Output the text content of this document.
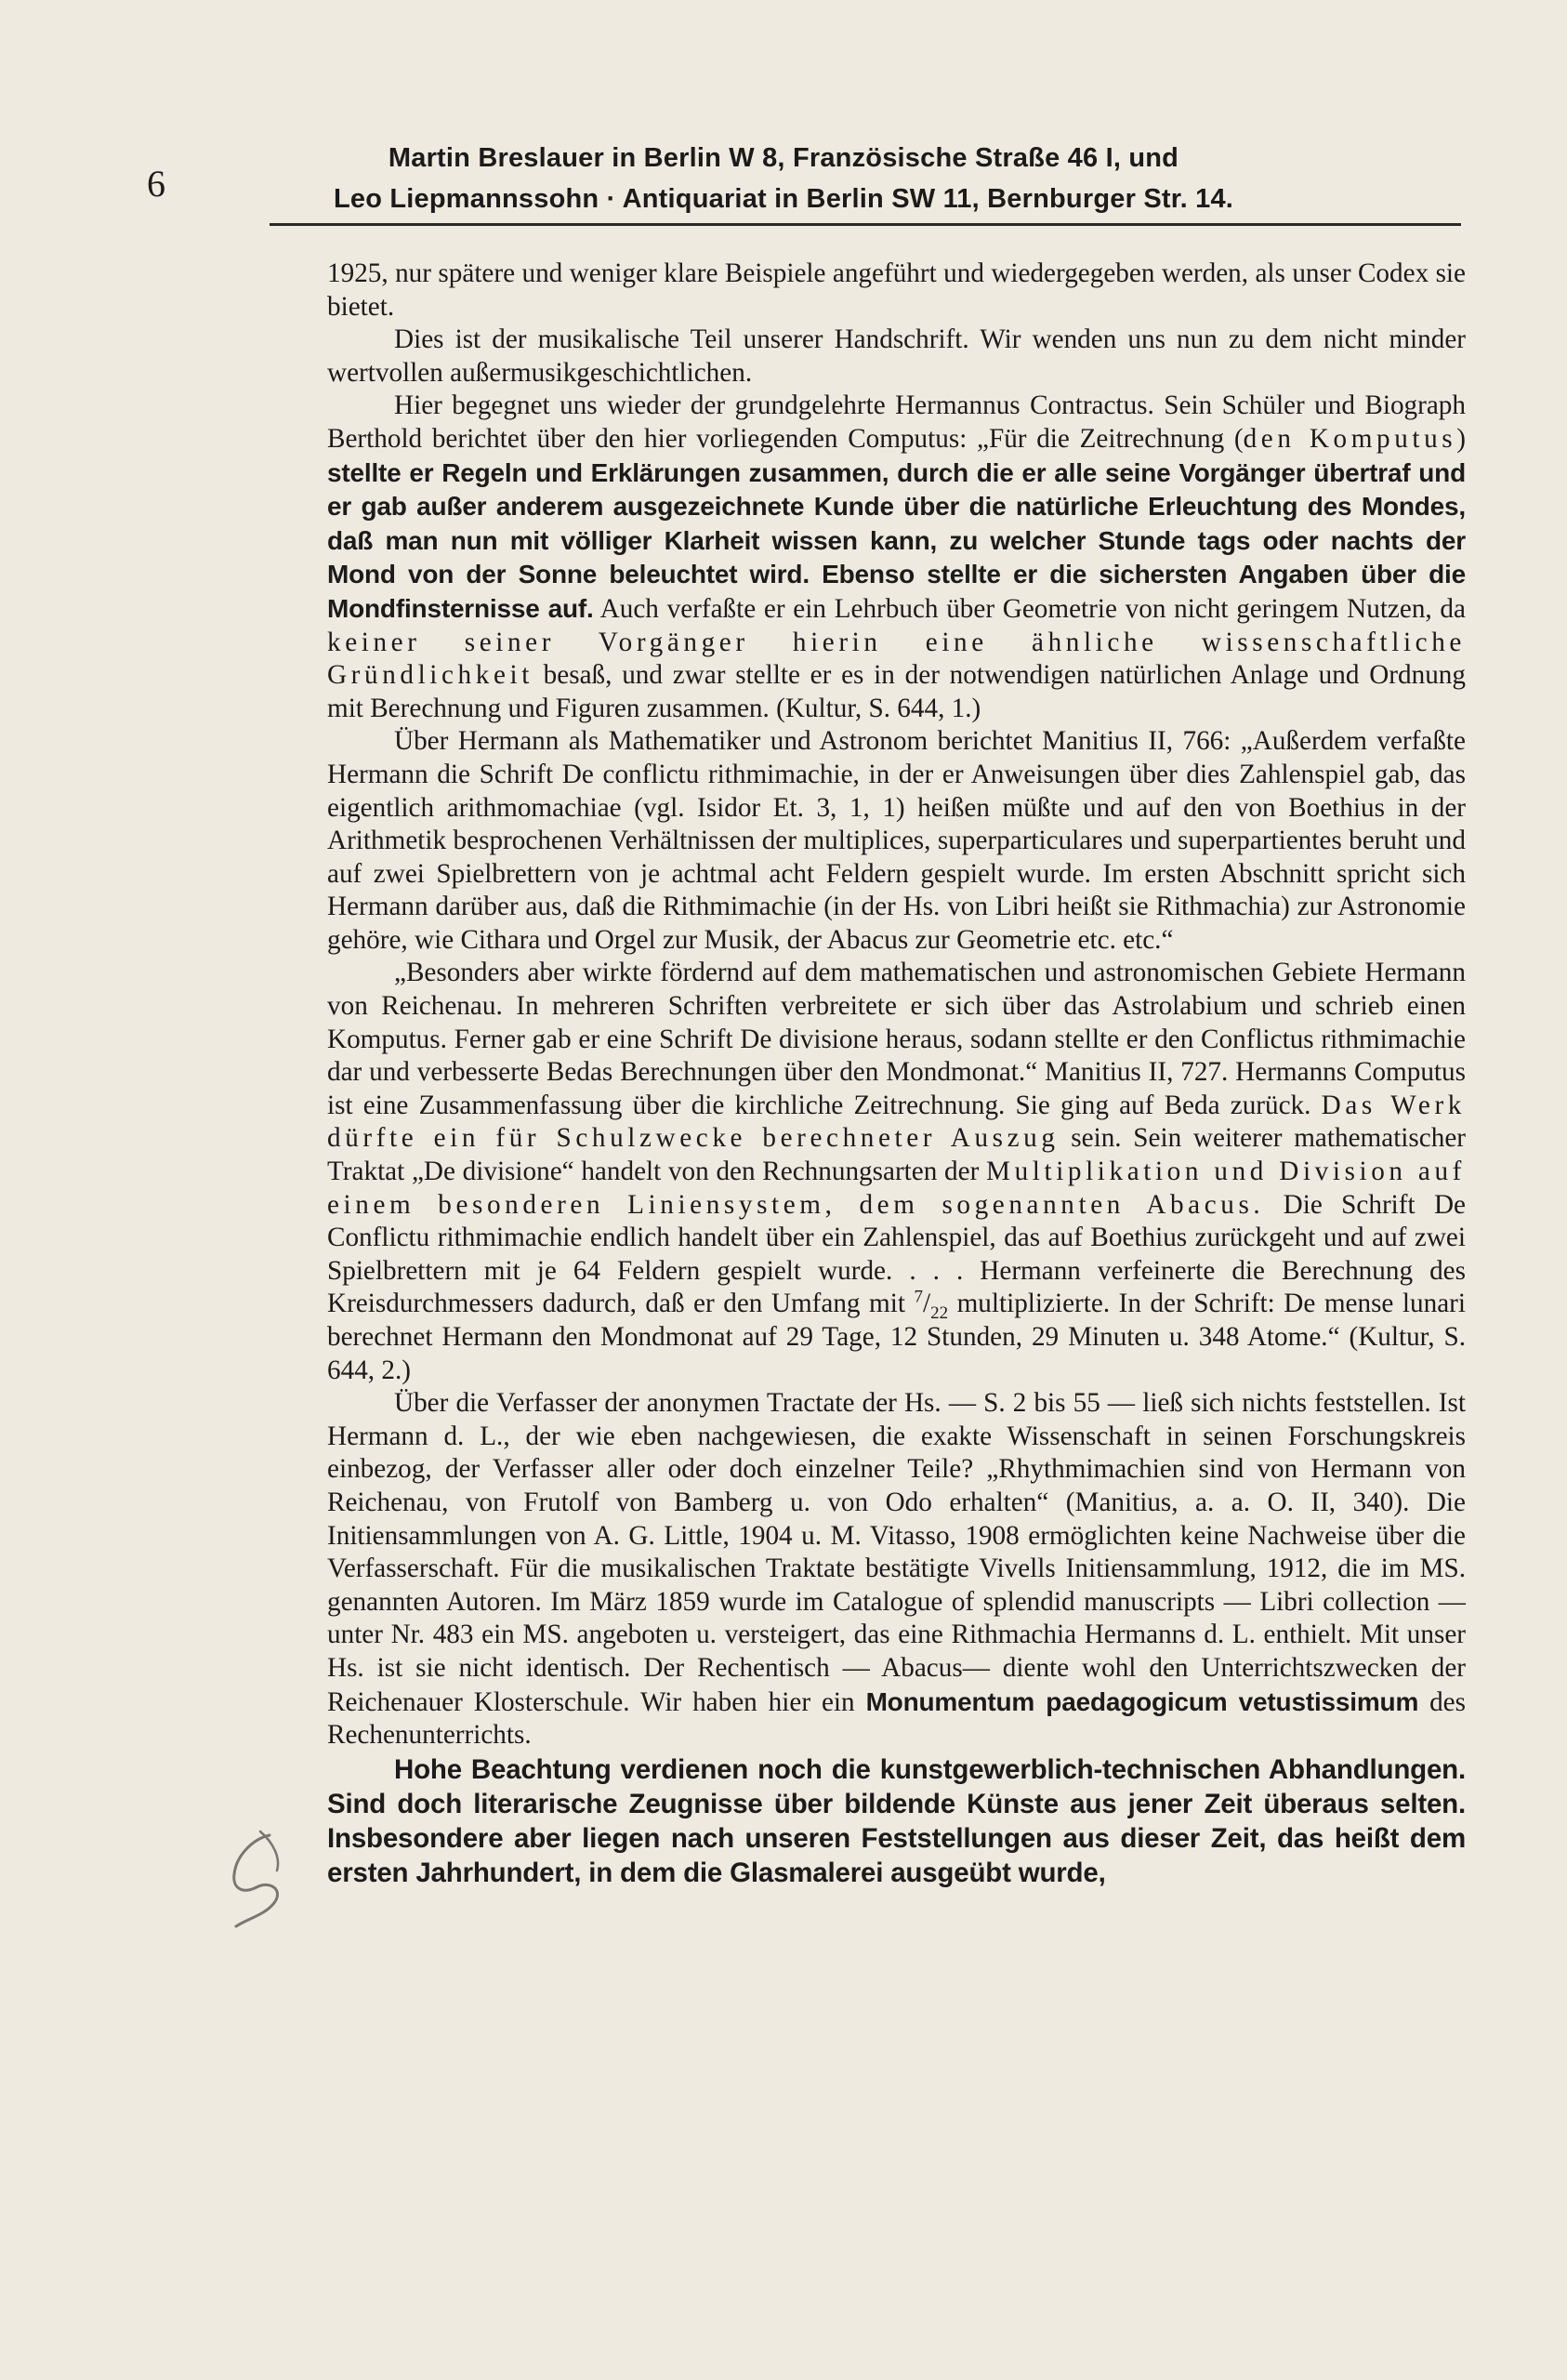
6
Martin Breslauer in Berlin W 8, Französische Straße 46 I, und
Leo Liepmannssohn · Antiquariat in Berlin SW 11, Bernburger Str. 14.

1925, nur spätere und weniger klare Beispiele angeführt und wiedergegeben werden, als unser Codex sie bietet.

Dies ist der musikalische Teil unserer Handschrift. Wir wenden uns nun zu dem nicht minder wertvollen außermusikgeschichtlichen.

Hier begegnet uns wieder der grundgelehrte Hermannus Contractus. Sein Schüler und Biograph Berthold berichtet über den hier vorliegenden Computus: „Für die Zeitrechnung (den Komputus) stellte er Regeln und Erklärungen zusammen, durch die er alle seine Vorgänger übertraf und er gab außer anderem ausgezeichnete Kunde über die natürliche Erleuchtung des Mondes, daß man nun mit völliger Klarheit wissen kann, zu welcher Stunde tags oder nachts der Mond von der Sonne beleuchtet wird. Ebenso stellte er die sichersten Angaben über die Mondfinsternisse auf. Auch verfaßte er ein Lehrbuch über Geometrie von nicht geringem Nutzen, da keiner seiner Vorgänger hierin eine ähnliche wissenschaftliche Gründlichkeit besaß, und zwar stellte er es in der notwendigen natürlichen Anlage und Ordnung mit Berechnung und Figuren zusammen. (Kultur, S. 644, 1.)

Über Hermann als Mathematiker und Astronom berichtet Manitius II, 766: „Außerdem verfaßte Hermann die Schrift De conflictu rithmimachie, in der er Anweisungen über dies Zahlenspiel gab, das eigentlich arithmomachiae (vgl. Isidor Et. 3, 1, 1) heißen müßte und auf den von Boethius in der Arithmetik besprochenen Verhältnissen der multiplices, superparticulares und superpartientes beruht und auf zwei Spielbrettern von je achtmal acht Feldern gespielt wurde. Im ersten Abschnitt spricht sich Hermann darüber aus, daß die Rithmimachie (in der Hs. von Libri heißt sie Rithmachia) zur Astronomie gehöre, wie Cithara und Orgel zur Musik, der Abacus zur Geometrie etc. etc.“

„Besonders aber wirkte fördernd auf dem mathematischen und astronomischen Gebiete Hermann von Reichenau. In mehreren Schriften verbreitete er sich über das Astrolabium und schrieb einen Komputus. Ferner gab er eine Schrift De divisione heraus, sodann stellte er den Conflictus rithmimachie dar und verbesserte Bedas Berechnungen über den Mondmonat.“ Manitius II, 727. Hermanns Computus ist eine Zusammenfassung über die kirchliche Zeitrechnung. Sie ging auf Beda zurück. Das Werk dürfte ein für Schulzwecke berechneter Auszug sein. Sein weiterer mathematischer Traktat „De divisione“ handelt von den Rechnungsarten der Multiplikation und Division auf einem besonderen Liniensystem, dem sogenannten Abacus. Die Schrift De Conflictu rithmimachie endlich handelt über ein Zahlenspiel, das auf Boethius zurückgeht und auf zwei Spielbrettern mit je 64 Feldern gespielt wurde. . . . Hermann verfeinerte die Berechnung des Kreisdurchmessers dadurch, daß er den Umfang mit $^7/_{22}$ multiplizierte. In der Schrift: De mense lunari berechnet Hermann den Mondmonat auf 29 Tage, 12 Stunden, 29 Minuten u. 348 Atome.“ (Kultur, S. 644, 2.)

Über die Verfasser der anonymen Tractate der Hs. — S. 2 bis 55 — ließ sich nichts feststellen. Ist Hermann d. L., der wie eben nachgewiesen, die exakte Wissenschaft in seinen Forschungskreis einbezog, der Verfasser aller oder doch einzelner Teile? „Rhythmimachien sind von Hermann von Reichenau, von Frutolf von Bamberg u. von Odo erhalten“ (Manitius, a. a. O. II, 340). Die Initiensammlungen von A. G. Little, 1904 u. M. Vitasso, 1908 ermöglichten keine Nachweise über die Verfasserschaft. Für die musikalischen Traktate bestätigte Vivells Initiensammlung, 1912, die im MS. genannten Autoren. Im März 1859 wurde im Catalogue of splendid manuscripts — Libri collection — unter Nr. 483 ein MS. angeboten u. versteigert, das eine Rithmachia Hermanns d. L. enthielt. Mit unser Hs. ist sie nicht identisch. Der Rechentisch — Abacus— diente wohl den Unterrichtszwecken der Reichenauer Klosterschule. Wir haben hier ein Monumentum paedagogicum vetustissimum des Rechenunterrichts.

Hohe Beachtung verdienen noch die kunstgewerblich-technischen Abhandlungen. Sind doch literarische Zeugnisse über bildende Künste aus jener Zeit überaus selten. Insbesondere aber liegen nach unseren Feststellungen aus dieser Zeit, das heißt dem ersten Jahrhundert, in dem die Glasmalerei ausgeübt wurde,
